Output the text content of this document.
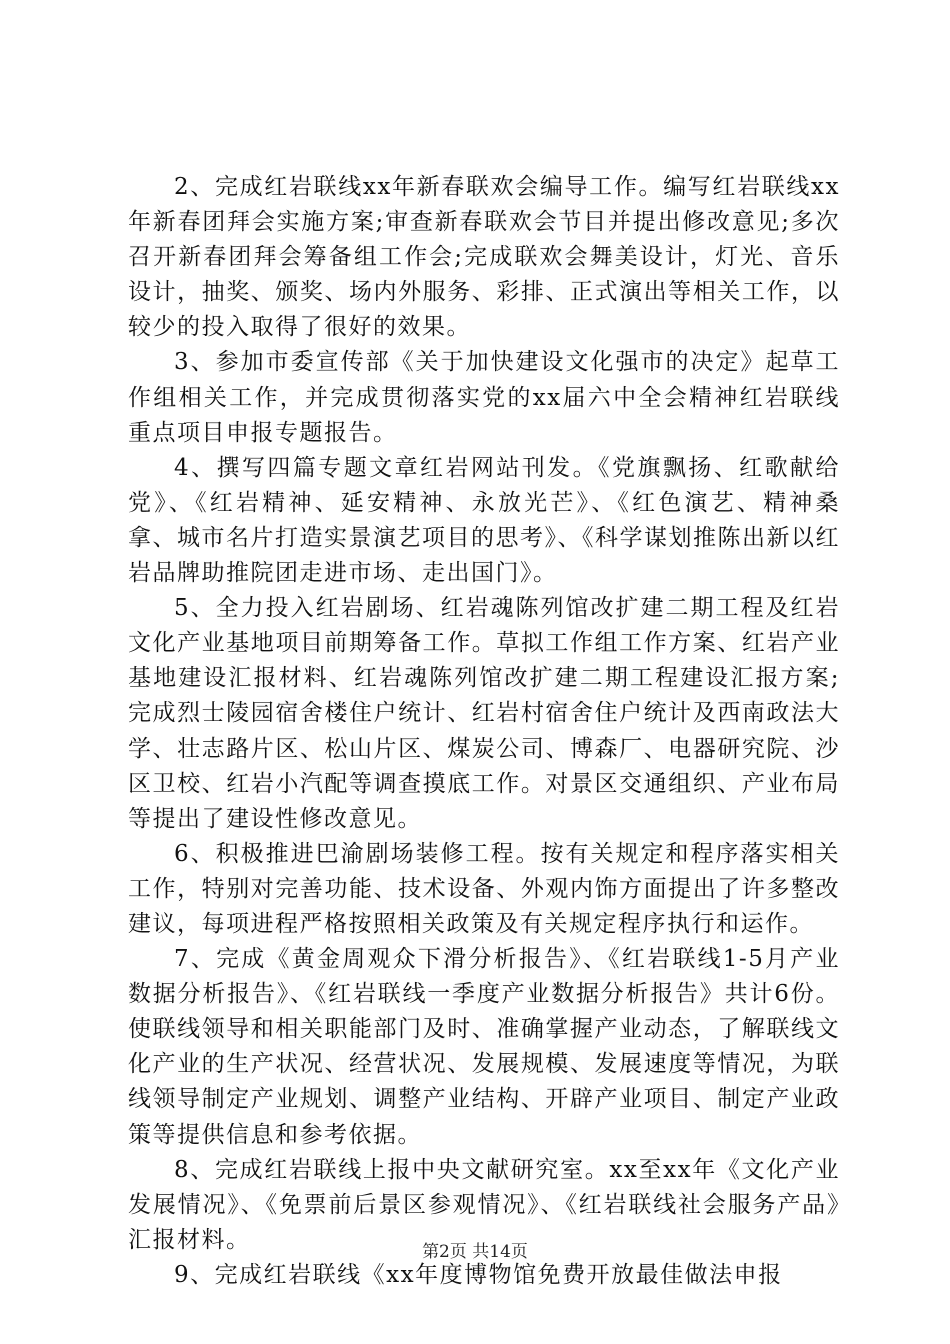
2、完成红岩联线xx年新春联欢会编导工作。编写红岩联线xx年新春团拜会实施方案;审查新春联欢会节目并提出修改意见;多次召开新春团拜会筹备组工作会;完成联欢会舞美设计，灯光、音乐设计，抽奖、颁奖、场内外服务、彩排、正式演出等相关工作，以较少的投入取得了很好的效果。

3、参加市委宣传部《关于加快建设文化强市的决定》起草工作组相关工作，并完成贯彻落实党的xx届六中全会精神红岩联线重点项目申报专题报告。

4、撰写四篇专题文章红岩网站刊发。《党旗飘扬、红歌献给党》、《红岩精神、延安精神、永放光芒》、《红色演艺、精神桑拿、城市名片打造实景演艺项目的思考》、《科学谋划推陈出新以红岩品牌助推院团走进市场、走出国门》。

5、全力投入红岩剧场、红岩魂陈列馆改扩建二期工程及红岩文化产业基地项目前期筹备工作。草拟工作组工作方案、红岩产业基地建设汇报材料、红岩魂陈列馆改扩建二期工程建设汇报方案;完成烈士陵园宿舍楼住户统计、红岩村宿舍住户统计及西南政法大学、壮志路片区、松山片区、煤炭公司、博森厂、电器研究院、沙区卫校、红岩小汽配等调查摸底工作。对景区交通组织、产业布局等提出了建设性修改意见。

6、积极推进巴渝剧场装修工程。按有关规定和程序落实相关工作，特别对完善功能、技术设备、外观内饰方面提出了许多整改建议，每项进程严格按照相关政策及有关规定程序执行和运作。

7、完成《黄金周观众下滑分析报告》、《红岩联线1-5月产业数据分析报告》、《红岩联线一季度产业数据分析报告》共计6份。使联线领导和相关职能部门及时、准确掌握产业动态，了解联线文化产业的生产状况、经营状况、发展规模、发展速度等情况，为联线领导制定产业规划、调整产业结构、开辟产业项目、制定产业政策等提供信息和参考依据。

8、完成红岩联线上报中央文献研究室。xx至xx年《文化产业发展情况》、《免票前后景区参观情况》、《红岩联线社会服务产品》汇报材料。

9、完成红岩联线《xx年度博物馆免费开放最佳做法申报

第2页 共14页
